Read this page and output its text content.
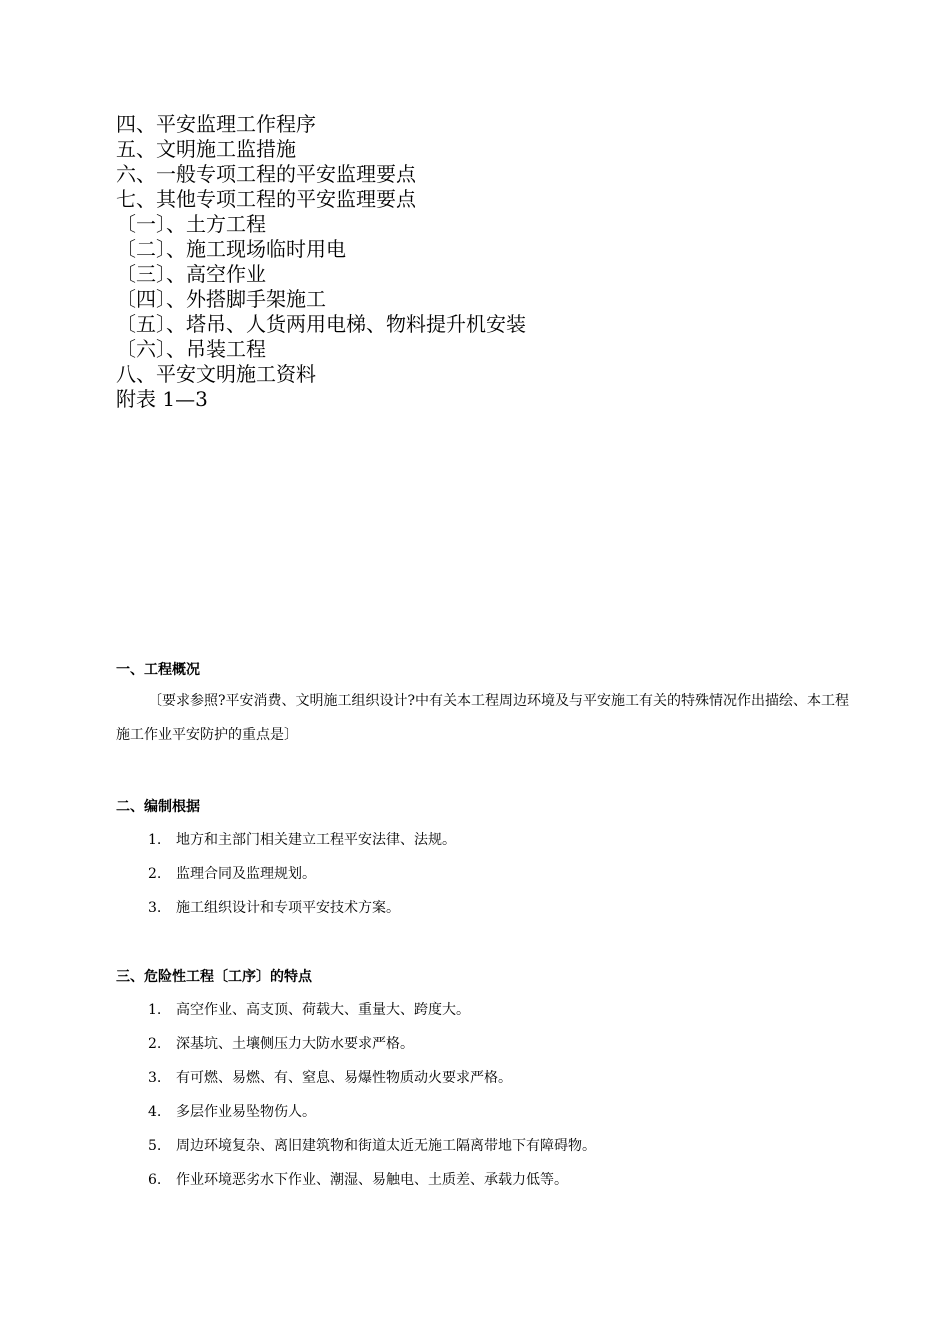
四、平安监理工作程序
五、文明施工监措施
六、一般专项工程的平安监理要点
七、其他专项工程的平安监理要点
〔一〕、土方工程
〔二〕、施工现场临时用电
〔三〕、高空作业
〔四〕、外搭脚手架施工
〔五〕、塔吊、人货两用电梯、物料提升机安装
〔六〕、吊装工程
八、平安文明施工资料
附表 1—3
一、工程概况
〔要求参照?平安消费、文明施工组织设计?中有关本工程周边环境及与平安施工有关的特殊情况作出描绘、本工程施工作业平安防护的重点是〕
二、编制根据
1. 地方和主部门相关建立工程平安法律、法规。
2. 监理合同及监理规划。
3. 施工组织设计和专项平安技术方案。
三、危险性工程〔工序〕的特点
1. 高空作业、高支顶、荷载大、重量大、跨度大。
2. 深基坑、土壤侧压力大防水要求严格。
3. 有可燃、易燃、有、窒息、易爆性物质动火要求严格。
4. 多层作业易坠物伤人。
5. 周边环境复杂、离旧建筑物和街道太近无施工隔离带地下有障碍物。
6. 作业环境恶劣水下作业、潮湿、易触电、土质差、承载力低等。
